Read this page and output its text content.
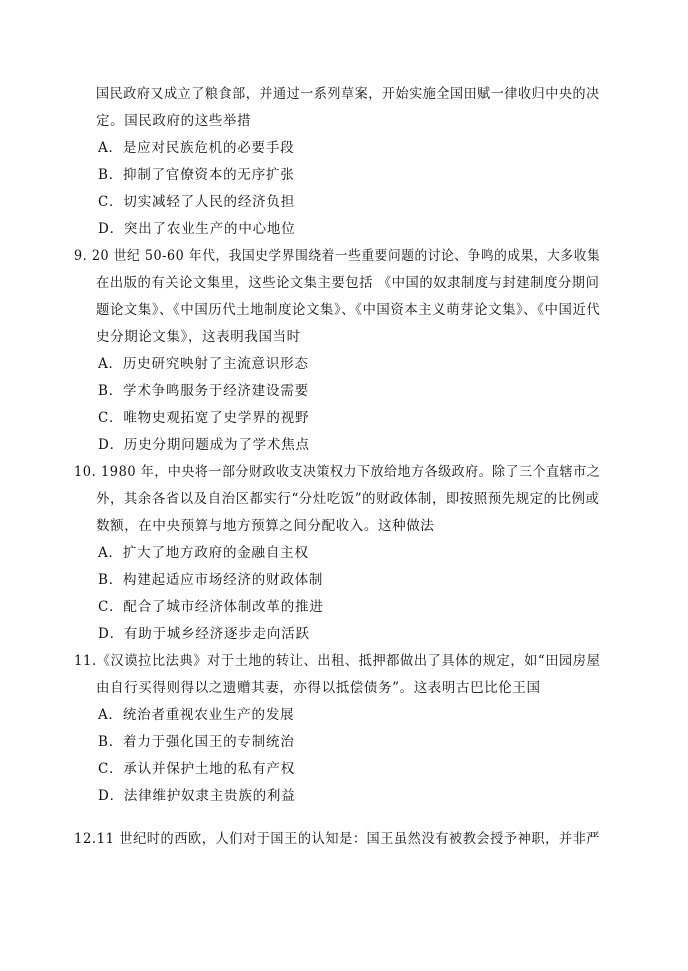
国民政府又成立了粮食部，并通过一系列草案，开始实施全国田赋一律收归中央的决
定。国民政府的这些举措
A．是应对民族危机的必要手段
B．抑制了官僚资本的无序扩张
C．切实减轻了人民的经济负担
D．突出了农业生产的中心地位
9. 20 世纪 50-60 年代，我国史学界围绕着一些重要问题的讨论、争鸣的成果，大多收集
在出版的有关论文集里，这些论文集主要包括 《中国的奴隶制度与封建制度分期问
题论文集》、《中国历代土地制度论文集》、《中国资本主义萌芽论文集》、《中国近代
史分期论文集》，这表明我国当时
A．历史研究映射了主流意识形态
B．学术争鸣服务于经济建设需要
C．唯物史观拓宽了史学界的视野
D．历史分期问题成为了学术焦点
10. 1980 年，中央将一部分财政收支决策权力下放给地方各级政府。除了三个直辖市之
外，其余各省以及自治区都实行“分灶吃饭”的财政体制，即按照预先规定的比例或
数额，在中央预算与地方预算之间分配收入。这种做法
A．扩大了地方政府的金融自主权
B．构建起适应市场经济的财政体制
C．配合了城市经济体制改革的推进
D．有助于城乡经济逐步走向活跃
11.《汉谟拉比法典》对于土地的转让、出租、抵押都做出了具体的规定，如“田园房屋
由自行买得则得以之遗赠其妻，亦得以抵偿债务”。这表明古巴比伦王国
A．统治者重视农业生产的发展
B．着力于强化国王的专制统治
C．承认并保护土地的私有产权
D．法律维护奴隶主贵族的利益
12.11 世纪时的西欧，人们对于国王的认知是：国王虽然没有被教会授予神职，并非严
